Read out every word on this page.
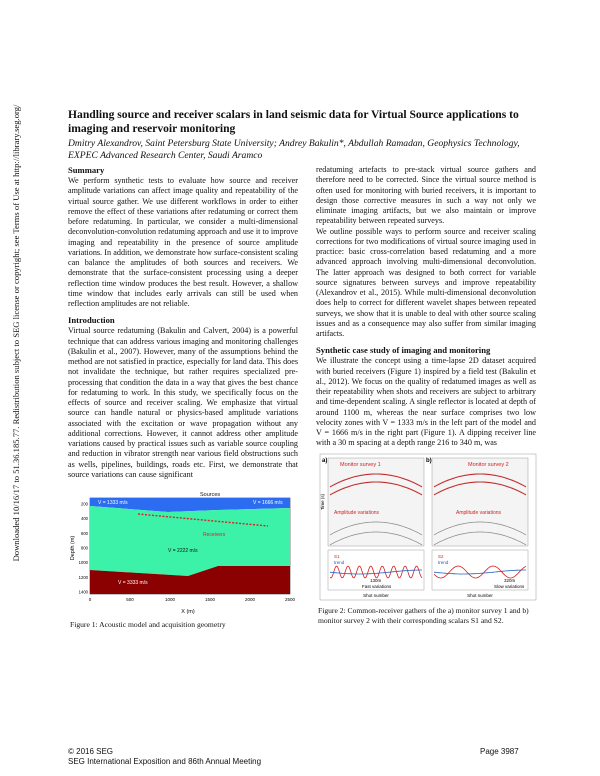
Downloaded 10/16/17 to 51.36.185.77. Redistribution subject to SEG license or copyright; see Terms of Use at http://library.seg.org/	Handling source and receiver scalars in land seismic data for Virtual Source applications to imaging and reservoir monitoring

Dmitry Alexandrov, Saint Petersburg State University; Andrey Bakulin*, Abdullah Ramadan, Geophysics Technology, EXPEC Advanced Research Center, Saudi Aramco

Summary

We perform synthetic tests to evaluate how source and receiver amplitude variations can affect image quality and repeatability of the virtual source gather. We use different workflows in order to either remove the effect of these variations after redatuming or correct them before redatuming. In particular, we consider a multi-dimensional deconvolution-convolution redatuming approach and use it to improve imaging and repeatability in the presence of source amplitude variations. In addition, we demonstrate how surface-consistent scaling can balance the amplitudes of both sources and receivers. We demonstrate that the surface-consistent processing using a deeper reflection time window produces the best result. However, a shallow time window that includes early arrivals can still be used when reflection amplitudes are not reliable.

Introduction

Virtual source redatuming (Bakulin and Calvert, 2004) is a powerful technique that can address various imaging and monitoring challenges (Bakulin et al., 2007). However, many of the assumptions behind the method are not satisfied in practice, especially for land data. This does not invalidate the technique, but rather requires specialized pre-processing that condition the data in a way that gives the best chance for redatuming to work. In this study, we specifically focus on the effects of source and receiver scaling. We emphasize that virtual source can handle natural or physics-based amplitude variations associated with the excitation or wave propagation without any additional corrections. However, it cannot address other amplitude variations caused by practical issues such as variable source coupling and reduction in vibrator strength near various field obstructions such as wells, pipelines, buildings, roads etc. First, we demonstrate that source variations can cause significant

redatuming artefacts to pre-stack virtual source gathers and therefore need to be corrected. Since the virtual source method is often used for monitoring with buried receivers, it is important to design those corrective measures in such a way not only we eliminate imaging artifacts, but we also maintain or improve repeatability between repeated surveys.

We outline possible ways to perform source and receiver scaling corrections for two modifications of virtual source imaging used in practice: basic cross-correlation based redatuming and a more advanced approach involving multi-dimensional deconvolution. The latter approach was designed to both correct for variable source signatures between surveys and improve repeatability (Alexandrov et al., 2015). While multi-dimensional deconvolution does help to correct for different wavelet shapes between repeated surveys, we show that it is unable to deal with other source scaling issues and as a consequence may also suffer from similar imaging artifacts.

Synthetic case study of imaging and monitoring

We illustrate the concept using a time-lapse 2D dataset acquired with buried receivers (Figure 1) inspired by a field test (Bakulin et al., 2012). We focus on the quality of redatumed images as well as their repeatability when shots and receivers are subject to arbitrary and time-dependent scaling. A single reflector is located at depth of around 1100 m, whereas the near surface comprises two low velocity zones with V = 1333 m/s in the left part of the model and V = 1666 m/s in the right part (Figure 1). A dipping receiver line with a 30 m spacing at a depth range 216 to 340 m, was

Sources
V = 1333 m/s	V = 1666 m/s
Receivers
V = 2222 m/s
V = 3333 m/s
0	500	1000	1500	2000	2500
200
400
600
800
1000
1200
1400
X (m)
Depth (m)

Figure 1: Acoustic model and acquisition geometry

a)	b)
Monitor survey 1	Monitor survey 2
Amplitude variations	Amplitude variations
S1
trend
S2
trend
130m
Fast variations
320m
Slow variations
Shot number	Shot number
Time (s)

Figure 2: Common-receiver gathers of the a) monitor survey 1 and b) monitor survey 2 with their corresponding scalars S1 and S2.

© 2016 SEG
SEG International Exposition and 86th Annual Meeting
Page 3987
